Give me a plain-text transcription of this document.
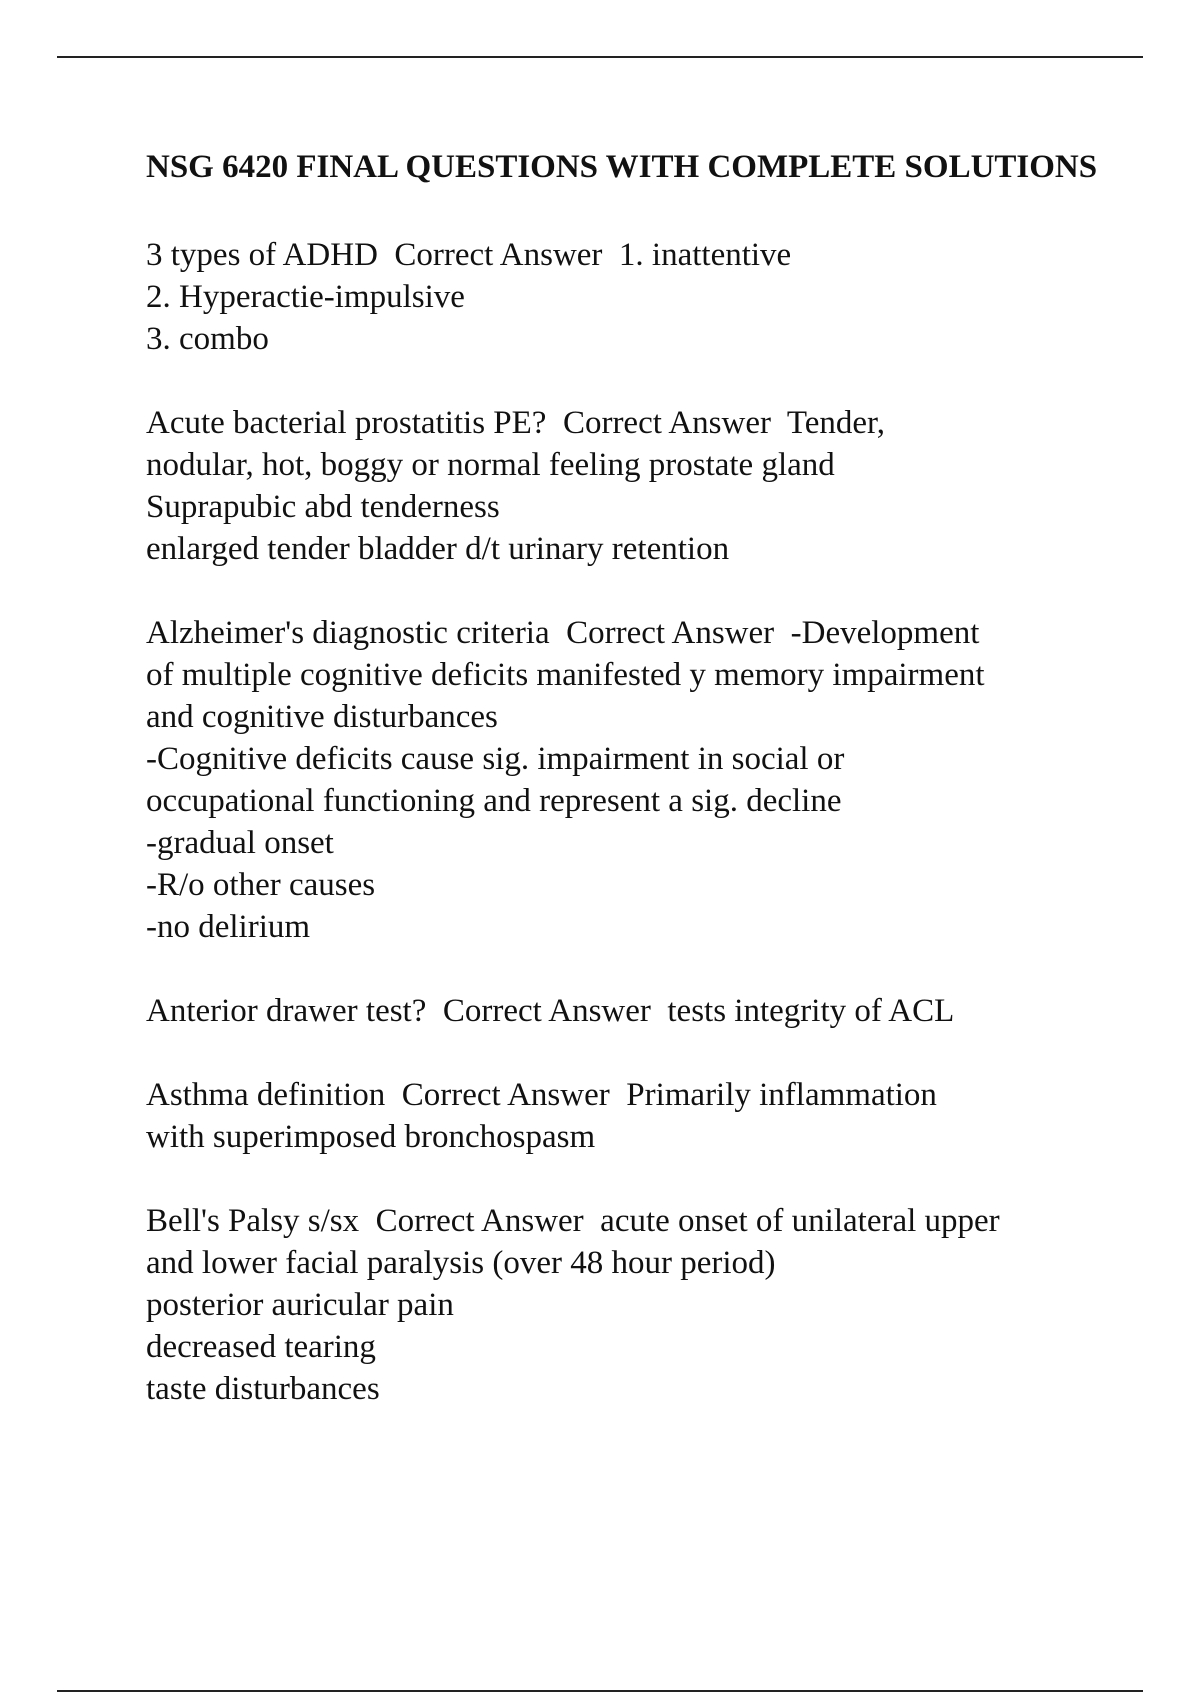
NSG 6420 FINAL QUESTIONS WITH COMPLETE SOLUTIONS
3 types of ADHD  Correct Answer  1. inattentive
2. Hyperactie-impulsive
3. combo
Acute bacterial prostatitis PE?  Correct Answer  Tender,
nodular, hot, boggy or normal feeling prostate gland
Suprapubic abd tenderness
enlarged tender bladder d/t urinary retention
Alzheimer's diagnostic criteria  Correct Answer  -Development
of multiple cognitive deficits manifested y memory impairment
and cognitive disturbances
-Cognitive deficits cause sig. impairment in social or
occupational functioning and represent a sig. decline
-gradual onset
-R/o other causes
-no delirium
Anterior drawer test?  Correct Answer  tests integrity of ACL
Asthma definition  Correct Answer  Primarily inflammation
with superimposed bronchospasm
Bell's Palsy s/sx  Correct Answer  acute onset of unilateral upper
and lower facial paralysis (over 48 hour period)
posterior auricular pain
decreased tearing
taste disturbances
